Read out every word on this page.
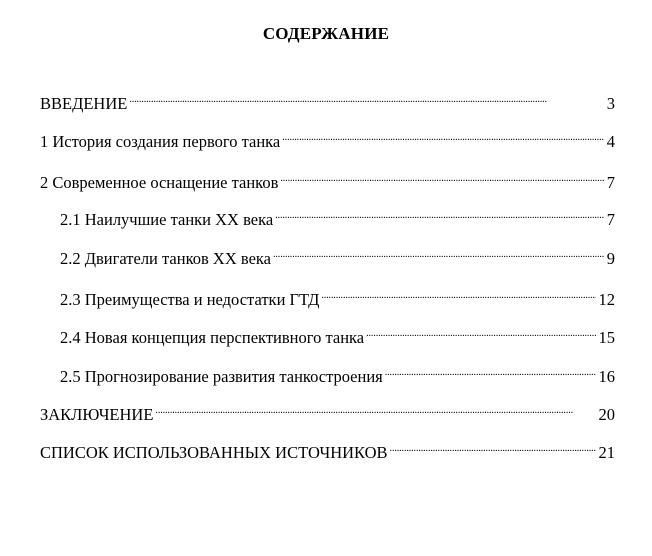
СОДЕРЖАНИЕ
ВВЕДЕНИЕ . . .	3
1 История создания первого танка . . .	4
2 Современное оснащение танков . . .	7
2.1 Наилучшие танки XX века . . .	7
2.2 Двигатели танков XX века . . .	9
2.3 Преимущества и недостатки ГТД . . .	12
2.4 Новая концепция перспективного танка . . .	15
2.5 Прогнозирование развития танкостроения . . .	16
ЗАКЛЮЧЕНИЕ . . .	20
СПИСОК ИСПОЛЬЗОВАННЫХ ИСТОЧНИКОВ . . .	21
